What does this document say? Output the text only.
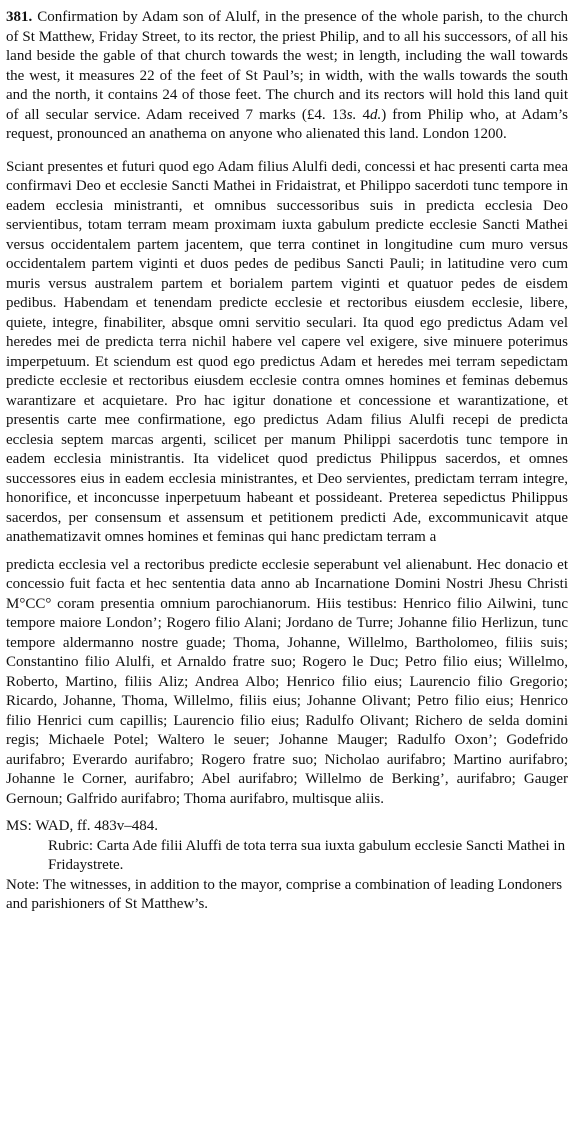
381. Confirmation by Adam son of Alulf, in the presence of the whole parish, to the church of St Matthew, Friday Street, to its rector, the priest Philip, and to all his successors, of all his land beside the gable of that church towards the west; in length, including the wall towards the west, it measures 22 of the feet of St Paul’s; in width, with the walls towards the south and the north, it contains 24 of those feet. The church and its rectors will hold this land quit of all secular service. Adam received 7 marks (£4. 13s. 4d.) from Philip who, at Adam’s request, pronounced an anathema on anyone who alienated this land. London 1200.

Sciant presentes et futuri quod ego Adam filius Alulfi dedi, concessi et hac presenti carta mea confirmavi Deo et ecclesie Sancti Mathei in Fridaistrat, et Philippo sacerdoti tunc tempore in eadem ecclesia ministranti, et omnibus successoribus suis in predicta ecclesia Deo servientibus, totam terram meam proximam iuxta gabulum predicte ecclesie Sancti Mathei versus occidentalem partem jacentem, que terra continet in longitudine cum muro versus occidentalem partem viginti et duos pedes de pedibus Sancti Pauli; in latitudine vero cum muris versus australem partem et borialem partem viginti et quatuor pedes de eisdem pedibus. Habendam et tenendam predicte ecclesie et rectoribus eiusdem ecclesie, libere, quiete, integre, finabiliter, absque omni servitio seculari. Ita quod ego predictus Adam vel heredes mei de predicta terra nichil habere vel capere vel exigere, sive minuere poterimus imperpetuum. Et sciendum est quod ego predictus Adam et heredes mei terram sepedictam predicte ecclesie et rectoribus eiusdem ecclesie contra omnes homines et feminas debemus warantizare et acquietare. Pro hac igitur donatione et concessione et warantizatione, et presentis carte mee confirmatione, ego predictus Adam filius Alulfi recepi de predicta ecclesia septem marcas argenti, scilicet per manum Philippi sacerdotis tunc tempore in eadem ecclesia ministrantis. Ita videlicet quod predictus Philippus sacerdos, et omnes successores eius in eadem ecclesia ministrantes, et Deo servientes, predictam terram integre, honorifice, et inconcusse inperpetuum habeant et possideant. Preterea sepedictus Philippus sacerdos, per consensum et assensum et petitionem predicti Ade, excommunicavit atque anathematizavit omnes homines et feminas qui hanc predictam terram a

predicta ecclesia vel a rectoribus predicte ecclesie seperabunt vel alienabunt. Hec donacio et concessio fuit facta et hec sententia data anno ab Incarnatione Domini Nostri Jhesu Christi M°CC° coram presentia omnium parochianorum. Hiis testibus: Henrico filio Ailwini, tunc tempore maiore London’; Rogero filio Alani; Jordano de Turre; Johanne filio Herlizun, tunc tempore aldermanno nostre guade; Thoma, Johanne, Willelmo, Bartholomeo, filiis suis; Constantino filio Alulfi, et Arnaldo fratre suo; Rogero le Duc; Petro filio eius; Willelmo, Roberto, Martino, filiis Aliz; Andrea Albo; Henrico filio eius; Laurencio filio Gregorio; Ricardo, Johanne, Thoma, Willelmo, filiis eius; Johanne Olivant; Petro filio eius; Henrico filio Henrici cum capillis; Laurencio filio eius; Radulfo Olivant; Richero de selda domini regis; Michaele Potel; Waltero le seuer; Johanne Mauger; Radulfo Oxon’; Godefrido aurifabro; Everardo aurifabro; Rogero fratre suo; Nicholao aurifabro; Martino aurifabro; Johanne le Corner, aurifabro; Abel aurifabro; Willelmo de Berking’, aurifabro; Gauger Gernoun; Galfrido aurifabro; Thoma aurifabro, multisque aliis.

MS: WAD, ff. 483v–484.

Rubric: Carta Ade filii Aluffi de tota terra sua iuxta gabulum ecclesie Sancti Mathei in Fridaystrete.

Note: The witnesses, in addition to the mayor, comprise a combination of leading Londoners and parishioners of St Matthew’s.
